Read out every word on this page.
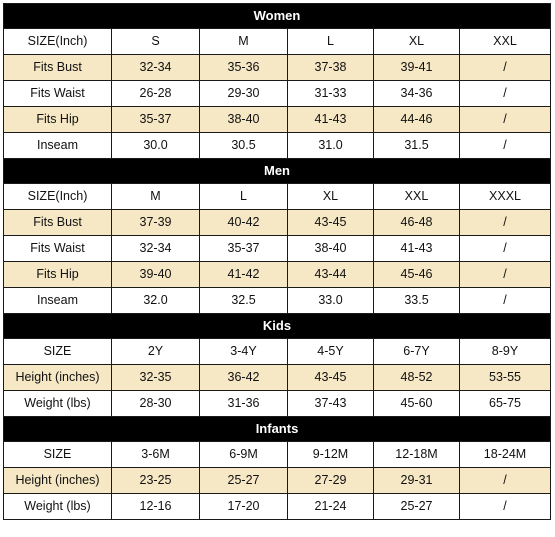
Women					
SIZE(Inch)	S	M	L	XL	XXL
Fits Bust	32-34	35-36	37-38	39-41	/
Fits Waist	26-28	29-30	31-33	34-36	/
Fits Hip	35-37	38-40	41-43	44-46	/
Inseam	30.0	30.5	31.0	31.5	/
Men					
SIZE(Inch)	M	L	XL	XXL	XXXL
Fits Bust	37-39	40-42	43-45	46-48	/
Fits Waist	32-34	35-37	38-40	41-43	/
Fits Hip	39-40	41-42	43-44	45-46	/
Inseam	32.0	32.5	33.0	33.5	/
Kids					
SIZE	2Y	3-4Y	4-5Y	6-7Y	8-9Y
Height (inches)	32-35	36-42	43-45	48-52	53-55
Weight (lbs)	28-30	31-36	37-43	45-60	65-75
Infants					
SIZE	3-6M	6-9M	9-12M	12-18M	18-24M
Height (inches)	23-25	25-27	27-29	29-31	/
Weight (lbs)	12-16	17-20	21-24	25-27	/
